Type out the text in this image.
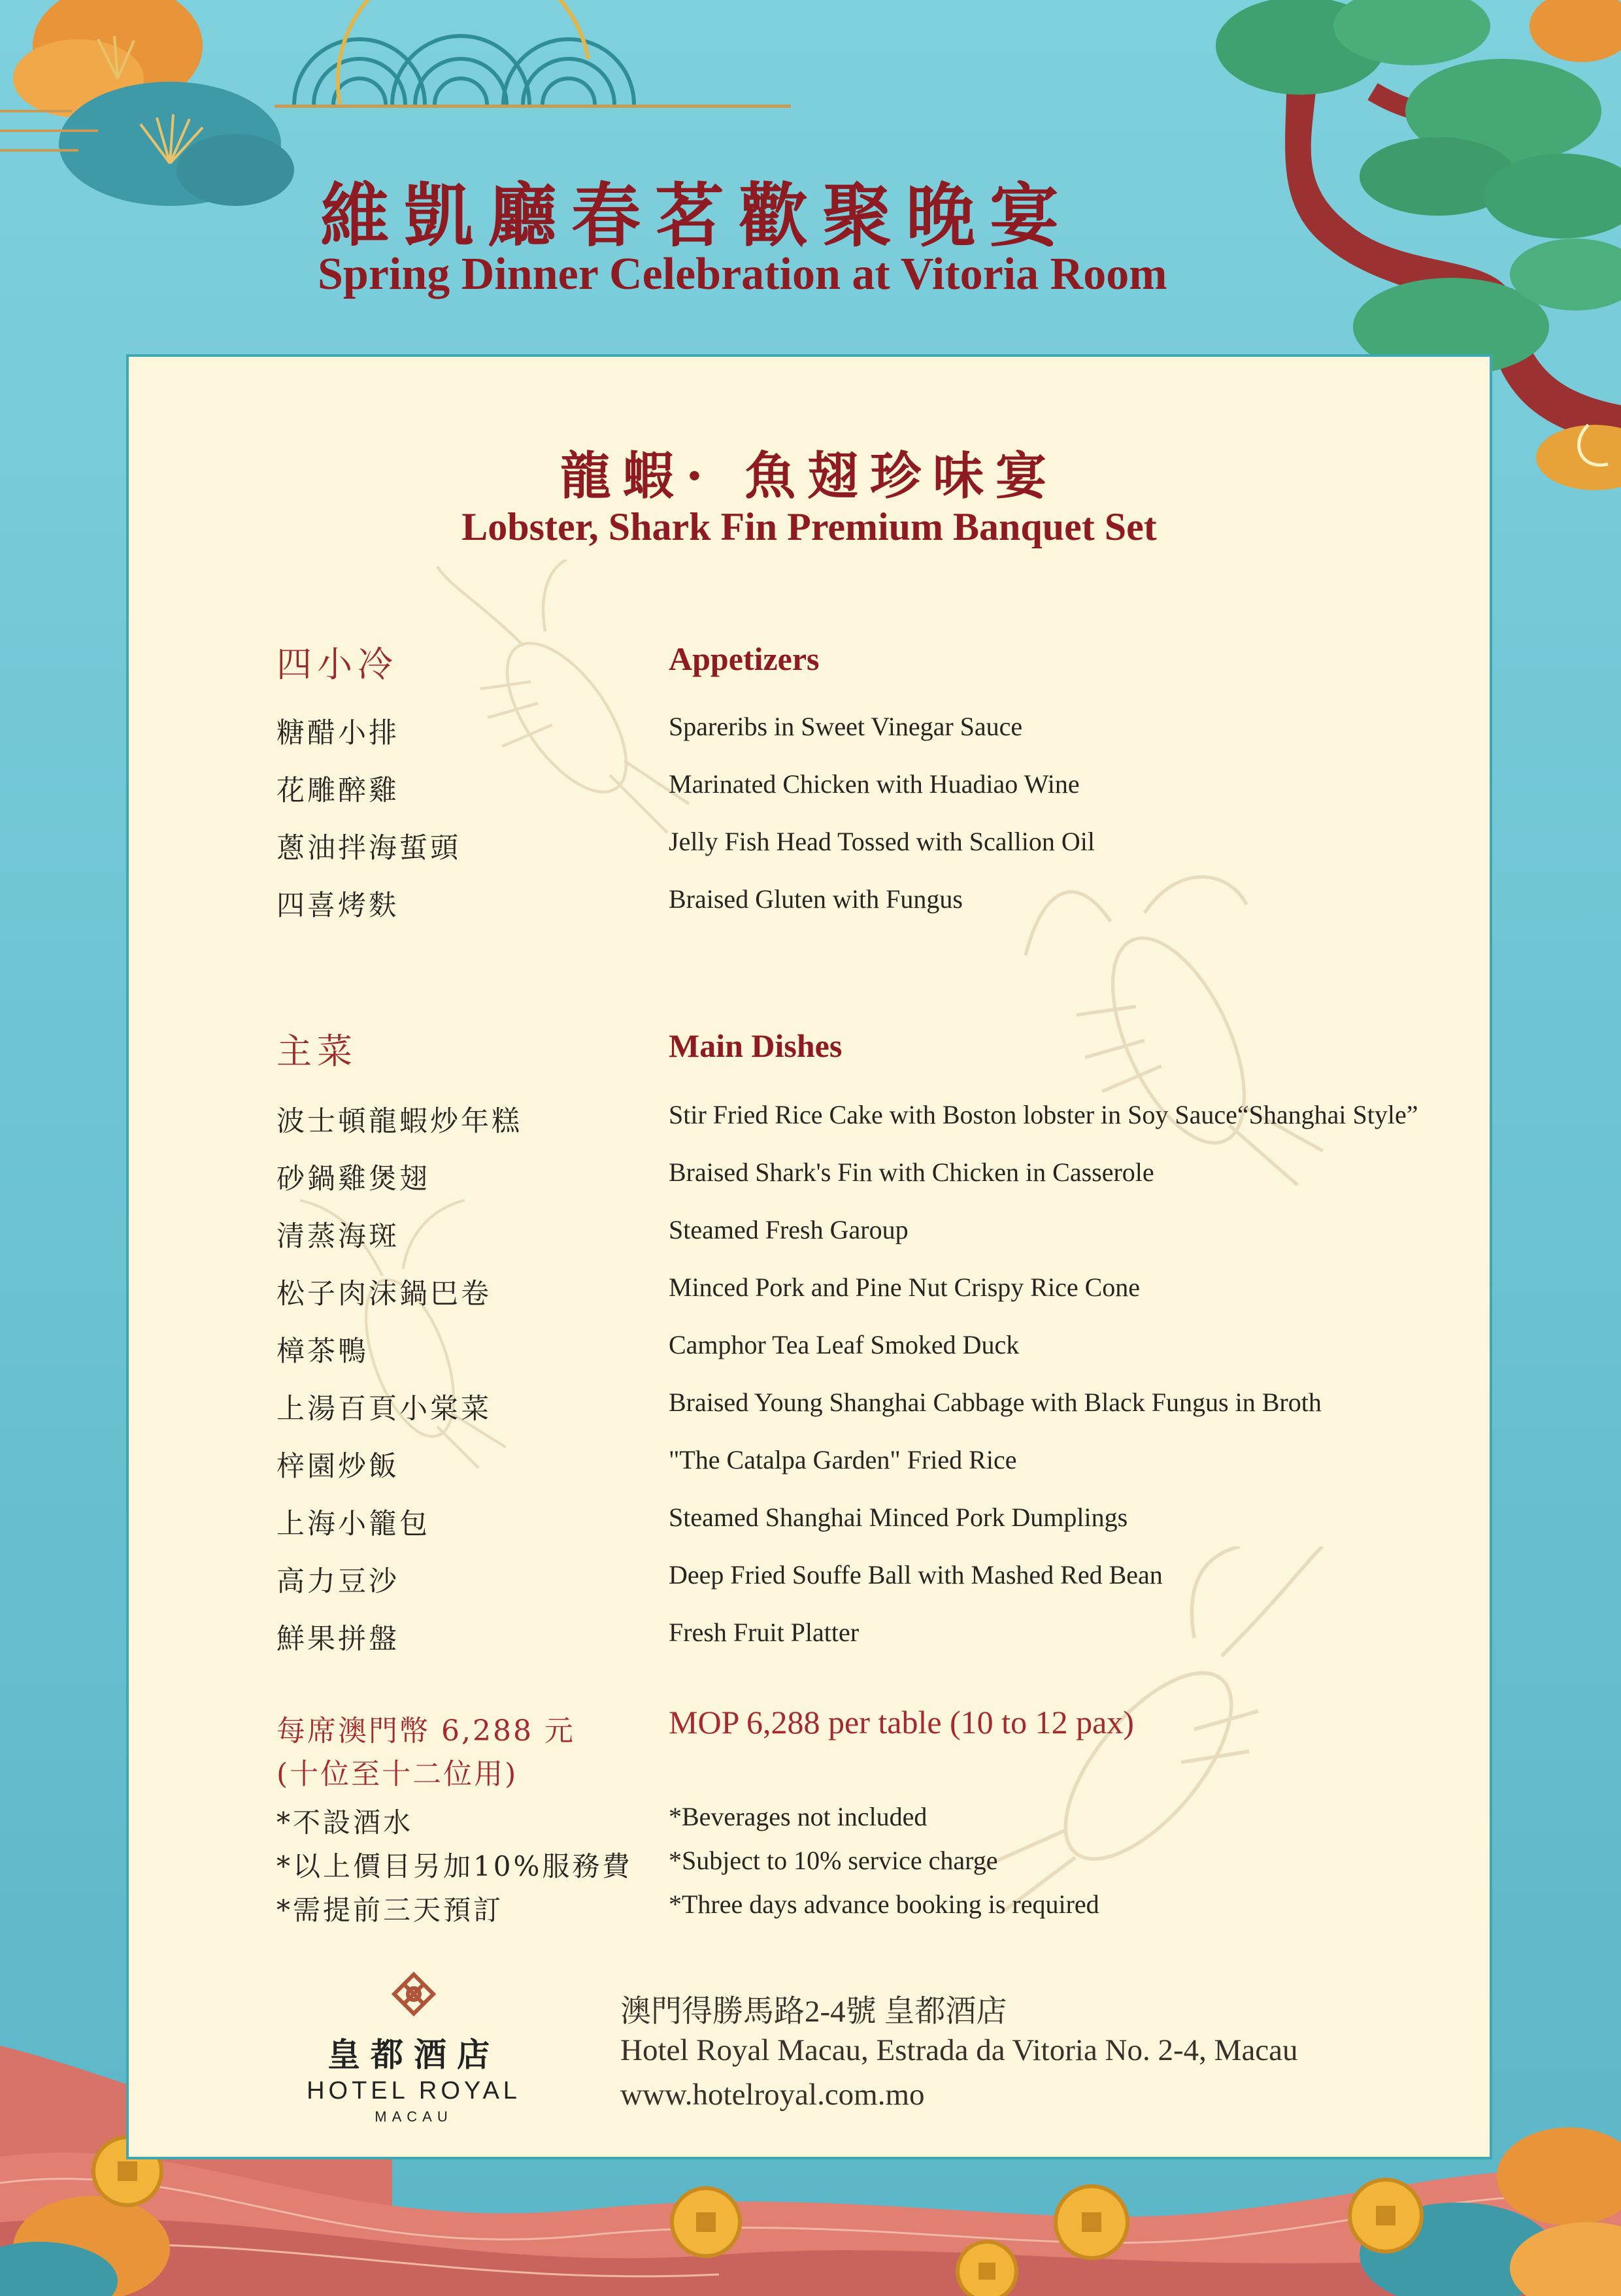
維凱廳春茗歡聚晚宴
Spring Dinner Celebration at Vitoria Room
龍蝦· 魚翅珍味宴
Lobster, Shark Fin Premium Banquet Set
四小冷	Appetizers
糖醋小排	Spareribs in Sweet Vinegar Sauce
花雕醉雞	Marinated Chicken with Huadiao Wine
蔥油拌海蜇頭	Jelly Fish Head Tossed with Scallion Oil
四喜烤麩	Braised Gluten with Fungus
主菜	Main Dishes
波士頓龍蝦炒年糕	Stir Fried Rice Cake with Boston lobster in Soy Sauce“Shanghai Style”
砂鍋雞煲翅	Braised Shark's Fin with Chicken in Casserole
清蒸海斑	Steamed Fresh Garoup
松子肉沫鍋巴卷	Minced Pork and Pine Nut Crispy Rice Cone
樟茶鴨	Camphor Tea Leaf Smoked Duck
上湯百頁小棠菜	Braised Young Shanghai Cabbage with Black Fungus in Broth
梓園炒飯	"The Catalpa Garden" Fried Rice
上海小籠包	Steamed Shanghai Minced Pork Dumplings
高力豆沙	Deep Fried Souffe Ball with Mashed Red Bean
鮮果拼盤	Fresh Fruit Platter
每席澳門幣 6,288 元
(十位至十二位用)
MOP 6,288 per table (10 to 12 pax)
*不設酒水	*Beverages not included
*以上價目另加10%服務費 *Subject to 10% service charge
*需提前三天預訂	*Three days advance booking is required
皇都酒店
HOTEL ROYAL
MACAU
澳門得勝馬路2-4號 皇都酒店
Hotel Royal Macau, Estrada da Vitoria No. 2-4, Macau
www.hotelroyal.com.mo
